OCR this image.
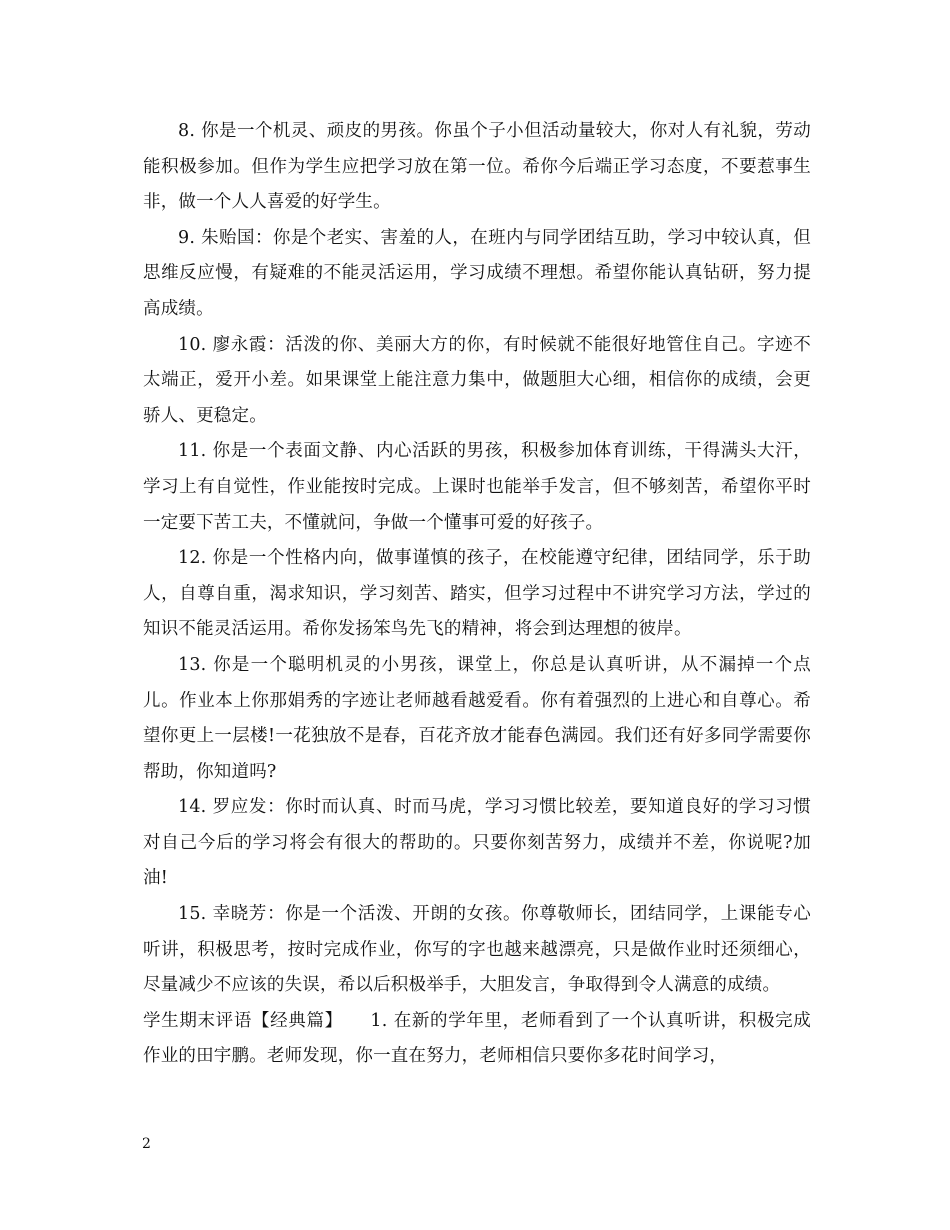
8. 你是一个机灵、顽皮的男孩。你虽个子小但活动量较大，你对人有礼貌，劳动能积极参加。但作为学生应把学习放在第一位。希你今后端正学习态度，不要惹事生非，做一个人人喜爱的好学生。

9. 朱贻国：你是个老实、害羞的人，在班内与同学团结互助，学习中较认真，但思维反应慢，有疑难的不能灵活运用，学习成绩不理想。希望你能认真钻研，努力提高成绩。

10. 廖永霞：活泼的你、美丽大方的你，有时候就不能很好地管住自己。字迹不太端正，爱开小差。如果课堂上能注意力集中，做题胆大心细，相信你的成绩，会更骄人、更稳定。

11. 你是一个表面文静、内心活跃的男孩，积极参加体育训练，干得满头大汗，学习上有自觉性，作业能按时完成。上课时也能举手发言，但不够刻苦，希望你平时一定要下苦工夫，不懂就问，争做一个懂事可爱的好孩子。

12. 你是一个性格内向，做事谨慎的孩子，在校能遵守纪律，团结同学，乐于助人，自尊自重，渴求知识，学习刻苦、踏实，但学习过程中不讲究学习方法，学过的知识不能灵活运用。希你发扬笨鸟先飞的精神，将会到达理想的彼岸。

13. 你是一个聪明机灵的小男孩，课堂上，你总是认真听讲，从不漏掉一个点儿。作业本上你那娟秀的字迹让老师越看越爱看。你有着强烈的上进心和自尊心。希望你更上一层楼!一花独放不是春，百花齐放才能春色满园。我们还有好多同学需要你帮助，你知道吗?

14. 罗应发：你时而认真、时而马虎，学习习惯比较差，要知道良好的学习习惯对自己今后的学习将会有很大的帮助的。只要你刻苦努力，成绩并不差，你说呢?加油!

15. 幸晓芳：你是一个活泼、开朗的女孩。你尊敬师长，团结同学，上课能专心听讲，积极思考，按时完成作业，你写的字也越来越漂亮，只是做作业时还须细心，尽量减少不应该的失误，希以后积极举手，大胆发言，争取得到令人满意的成绩。

学生期末评语【经典篇】　　1. 在新的学年里，老师看到了一个认真听讲，积极完成作业的田宇鹏。老师发现，你一直在努力，老师相信只要你多花时间学习，

2
